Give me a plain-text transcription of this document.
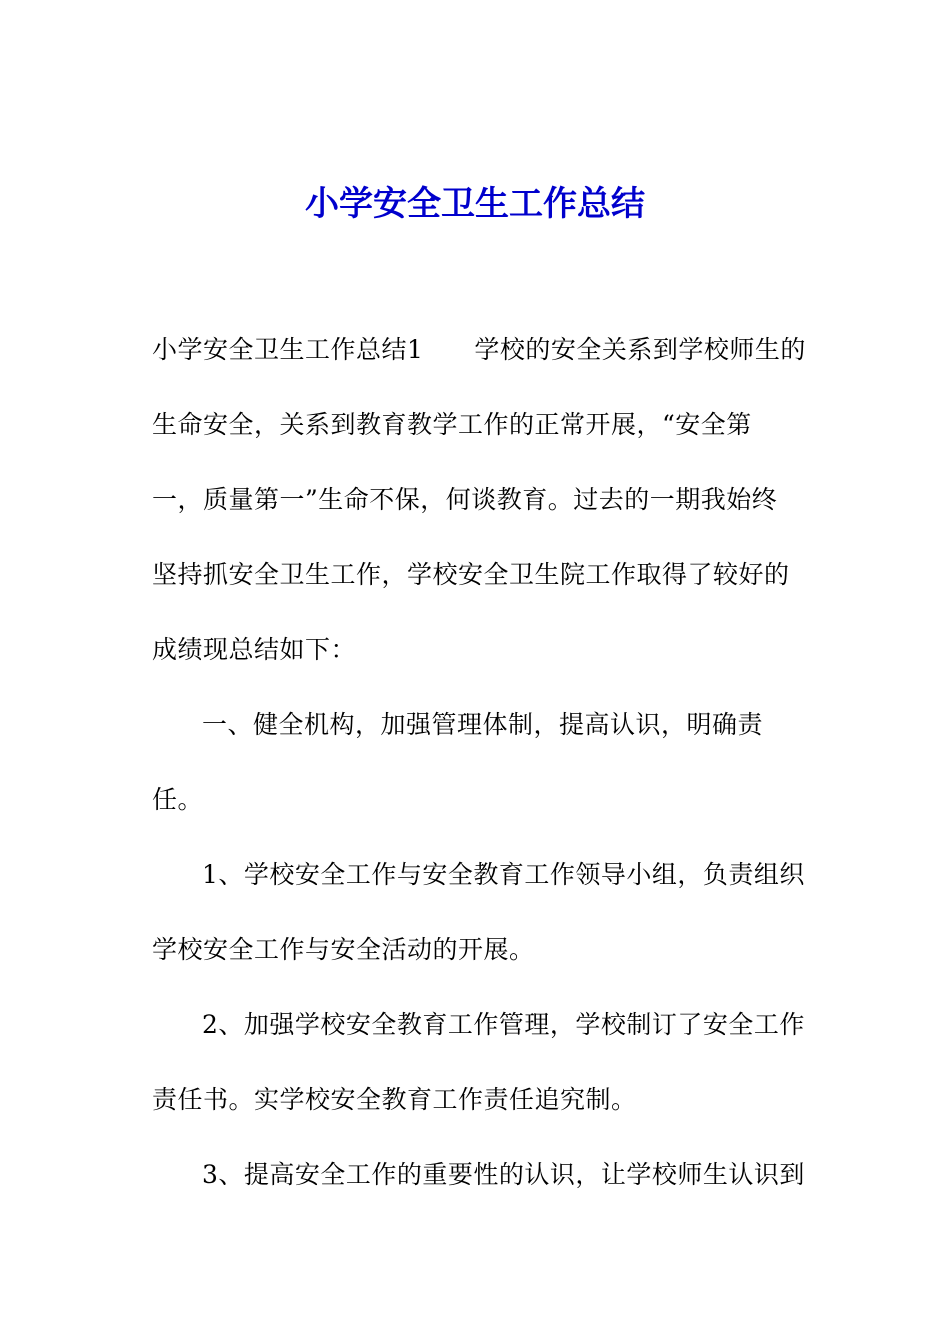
小学安全卫生工作总结

小学安全卫生工作总结1　　学校的安全关系到学校师生的

生命安全，关系到教育教学工作的正常开展，“安全第

一，质量第一”生命不保，何谈教育。过去的一期我始终

坚持抓安全卫生工作，学校安全卫生院工作取得了较好的

成绩现总结如下：

一、健全机构，加强管理体制，提高认识，明确责

任。

1、学校安全工作与安全教育工作领导小组，负责组织

学校安全工作与安全活动的开展。

2、加强学校安全教育工作管理，学校制订了安全工作

责任书。实学校安全教育工作责任追究制。

3、提高安全工作的重要性的认识，让学校师生认识到
